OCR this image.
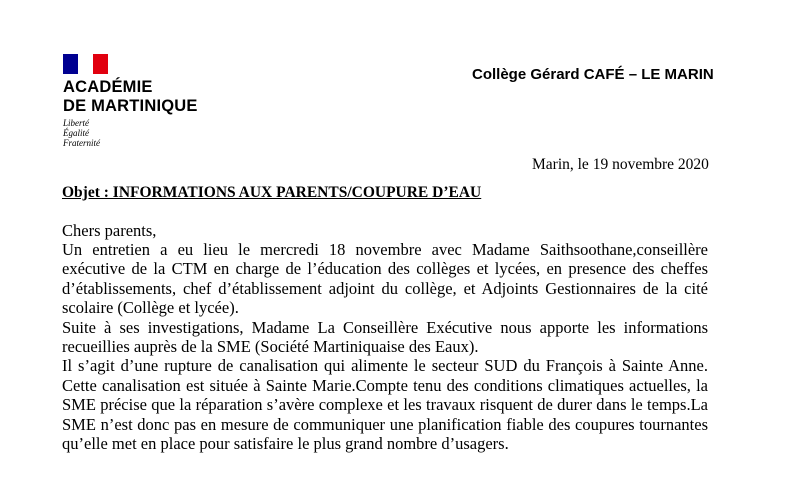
ACADÉMIE
DE MARTINIQUE
Liberté
Égalité
Fraternité
Collège Gérard CAFÉ – LE MARIN
Marin, le 19 novembre 2020
Objet : INFORMATIONS AUX PARENTS/COUPURE D’EAU
Chers parents,

Un entretien a eu lieu le mercredi 18 novembre avec Madame Saithsoothane,conseillère exécutive de la CTM en charge de l’éducation des collèges et lycées, en presence des cheffes d’établissements, chef d’établissement adjoint du collège, et Adjoints Gestionnaires de la cité scolaire (Collège et lycée).

Suite à ses investigations, Madame La Conseillère Exécutive nous apporte les informations recueillies auprès de la SME (Société Martiniquaise des Eaux).

Il s’agit d’une rupture de canalisation qui alimente le secteur SUD du François à Sainte Anne. Cette canalisation est située à Sainte Marie.Compte tenu des conditions climatiques actuelles, la SME précise que la réparation s’avère complexe et les travaux risquent de durer dans le temps.La SME n’est donc pas en mesure de communiquer une planification fiable des coupures tournantes qu’elle met en place pour satisfaire le plus grand nombre d’usagers.
